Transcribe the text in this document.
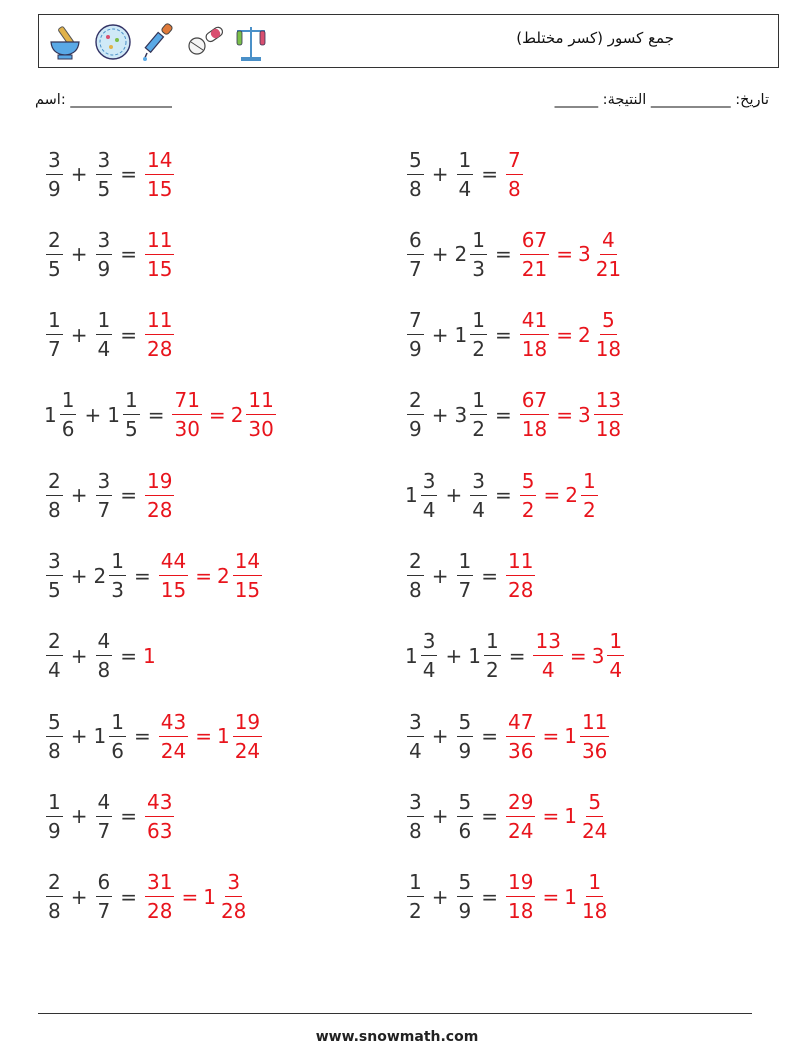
جمع كسور (كسر مختلط)
______ :تاريخ: ___________ النتيجة
اسم: ______________
$\frac{3}{9} + \frac{3}{5} = \frac{14}{15}$	$\frac{5}{8} + \frac{1}{4} = \frac{7}{8}$
$\frac{2}{5} + \frac{3}{9} = \frac{11}{15}$	$\frac{6}{7} + 2 \frac{1}{3} = \frac{67}{21} = 3 \frac{4}{21}$
$\frac{1}{7} + \frac{1}{4} = \frac{11}{28}$	$\frac{7}{9} + 1 \frac{1}{2} = \frac{41}{18} = 2 \frac{5}{18}$
$1 \frac{1}{6} + 1 \frac{1}{5} = \frac{71}{30} = 2 \frac{11}{30}$	$\frac{2}{9} + 3 \frac{1}{2} = \frac{67}{18} = 3 \frac{13}{18}$
$\frac{2}{8} + \frac{3}{7} = \frac{19}{28}$	$1 \frac{3}{4} + \frac{3}{4} = \frac{5}{2} = 2 \frac{1}{2}$
$\frac{3}{5} + 2 \frac{1}{3} = \frac{44}{15} = 2 \frac{14}{15}$	$\frac{2}{8} + \frac{1}{7} = \frac{11}{28}$
$\frac{2}{4} + \frac{4}{8} = 1$	$1 \frac{3}{4} + 1 \frac{1}{2} = \frac{13}{4} = 3 \frac{1}{4}$
$\frac{5}{8} + 1 \frac{1}{6} = \frac{43}{24} = 1 \frac{19}{24}$	$\frac{3}{4} + \frac{5}{9} = \frac{47}{36} = 1 \frac{11}{36}$
$\frac{1}{9} + \frac{4}{7} = \frac{43}{63}$	$\frac{3}{8} + \frac{5}{6} = \frac{29}{24} = 1 \frac{5}{24}$
$\frac{2}{8} + \frac{6}{7} = \frac{31}{28} = 1 \frac{3}{28}$	$\frac{1}{2} + \frac{5}{9} = \frac{19}{18} = 1 \frac{1}{18}$
www.snowmath.com
